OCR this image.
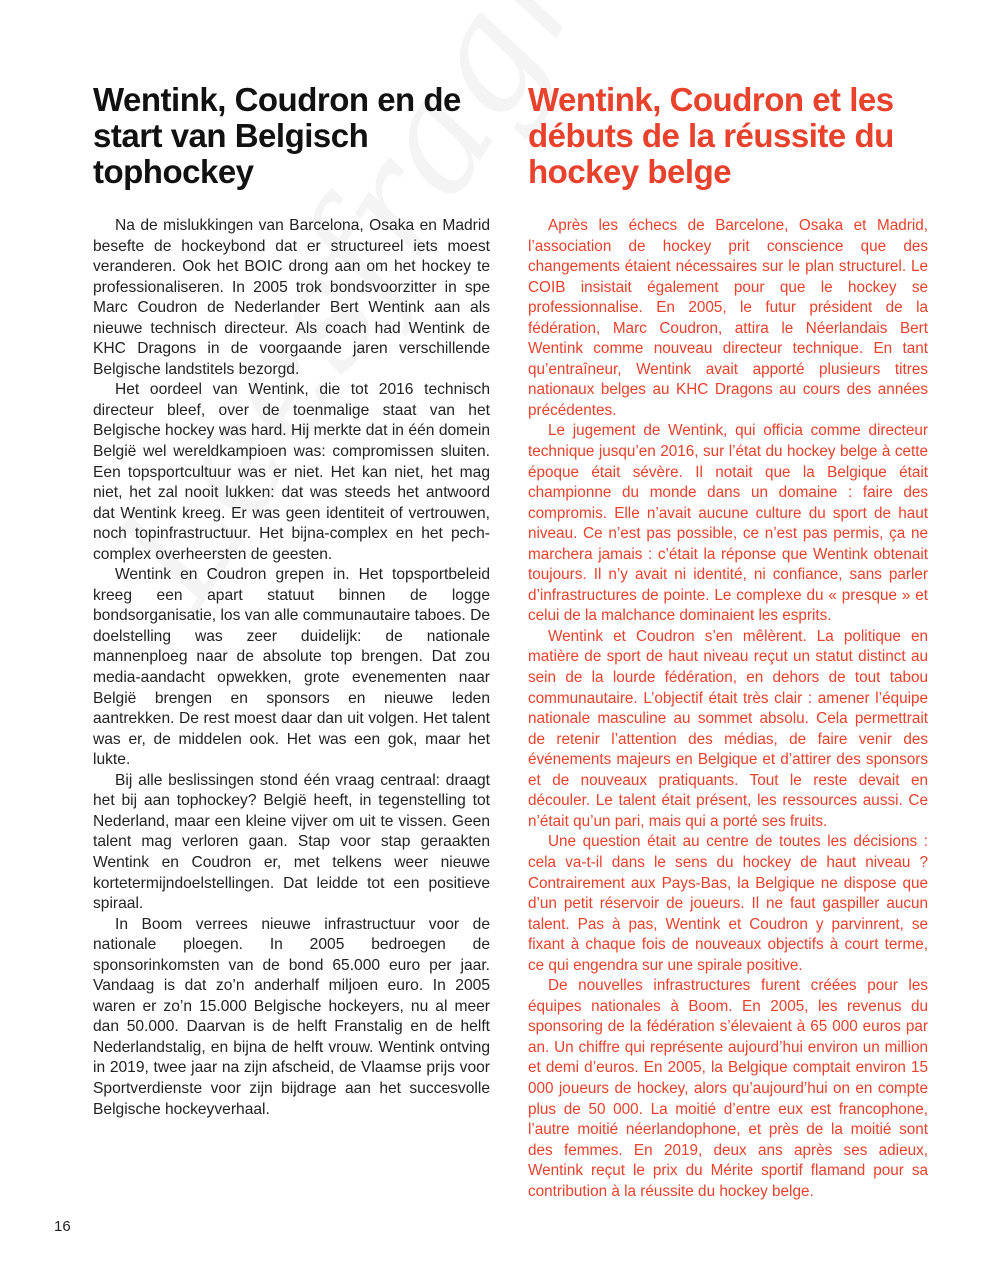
Wentink, Coudron en de start van Belgisch tophockey

Na de mislukkingen van Barcelona, Osaka en Madrid besefte de hockeybond dat er structureel iets moest veranderen. Ook het BOIC drong aan om het hockey te professionaliseren. In 2005 trok bondsvoorzitter in spe Marc Coudron de Nederlander Bert Wentink aan als nieuwe technisch directeur. Als coach had Wentink de KHC Dragons in de voorgaande jaren verschillende Belgische landstitels bezorgd.

Het oordeel van Wentink, die tot 2016 technisch directeur bleef, over de toenmalige staat van het Belgische hockey was hard. Hij merkte dat in één domein België wel wereldkampioen was: compromissen sluiten. Een topsportcultuur was er niet. Het kan niet, het mag niet, het zal nooit lukken: dat was steeds het antwoord dat Wentink kreeg. Er was geen identiteit of vertrouwen, noch topinfrastructuur. Het bijna-complex en het pech-complex overheersten de geesten.

Wentink en Coudron grepen in. Het topsportbeleid kreeg een apart statuut binnen de logge bondsorganisatie, los van alle communautaire taboes. De doelstelling was zeer duidelijk: de nationale mannenploeg naar de absolute top brengen. Dat zou media-aandacht opwekken, grote evenementen naar België brengen en sponsors en nieuwe leden aantrekken. De rest moest daar dan uit volgen. Het talent was er, de middelen ook. Het was een gok, maar het lukte.

Bij alle beslissingen stond één vraag centraal: draagt het bij aan tophockey? België heeft, in tegenstelling tot Nederland, maar een kleine vijver om uit te vissen. Geen talent mag verloren gaan. Stap voor stap geraakten Wentink en Coudron er, met telkens weer nieuwe kortetermijndoelstellingen. Dat leidde tot een positieve spiraal.

In Boom verrees nieuwe infrastructuur voor de nationale ploegen. In 2005 bedroegen de sponsorinkomsten van de bond 65.000 euro per jaar. Vandaag is dat zo’n anderhalf miljoen euro. In 2005 waren er zo’n 15.000 Belgische hockeyers, nu al meer dan 50.000. Daarvan is de helft Franstalig en de helft Nederlandstalig, en bijna de helft vrouw. Wentink ontving in 2019, twee jaar na zijn afscheid, de Vlaamse prijs voor Sportverdienste voor zijn bijdrage aan het succesvolle Belgische hockeyverhaal.

Wentink, Coudron et les débuts de la réussite du hockey belge

Après les échecs de Barcelone, Osaka et Madrid, l’association de hockey prit conscience que des changements étaient nécessaires sur le plan structurel. Le COIB insistait également pour que le hockey se professionnalise. En 2005, le futur président de la fédération, Marc Coudron, attira le Néerlandais Bert Wentink comme nouveau directeur technique. En tant qu’entraîneur, Wentink avait apporté plusieurs titres nationaux belges au KHC Dragons au cours des années précédentes.

Le jugement de Wentink, qui officia comme directeur technique jusqu’en 2016, sur l’état du hockey belge à cette époque était sévère. Il notait que la Belgique était championne du monde dans un domaine : faire des compromis. Elle n’avait aucune culture du sport de haut niveau. Ce n’est pas possible, ce n’est pas permis, ça ne marchera jamais : c’était la réponse que Wentink obtenait toujours. Il n’y avait ni identité, ni confiance, sans parler d’infrastructures de pointe. Le complexe du « presque » et celui de la malchance dominaient les esprits.

Wentink et Coudron s’en mêlèrent. La politique en matière de sport de haut niveau reçut un statut distinct au sein de la lourde fédération, en dehors de tout tabou communautaire. L’objectif était très clair : amener l’équipe nationale masculine au sommet absolu. Cela permettrait de retenir l’attention des médias, de faire venir des événements majeurs en Belgique et d’attirer des sponsors et de nouveaux pratiquants. Tout le reste devait en découler. Le talent était présent, les ressources aussi. Ce n’était qu’un pari, mais qui a porté ses fruits.

Une question était au centre de toutes les décisions : cela va-t-il dans le sens du hockey de haut niveau ? Contrairement aux Pays-Bas, la Belgique ne dispose que d’un petit réservoir de joueurs. Il ne faut gaspiller aucun talent. Pas à pas, Wentink et Coudron y parvinrent, se fixant à chaque fois de nouveaux objectifs à court terme, ce qui engendra sur une spirale positive.

De nouvelles infrastructures furent créées pour les équipes nationales à Boom. En 2005, les revenus du sponsoring de la fédération s’élevaient à 65 000 euros par an. Un chiffre qui représente aujourd’hui environ un million et demi d’euros. En 2005, la Belgique comptait environ 15 000 joueurs de hockey, alors qu’aujourd’hui on en compte plus de 50 000. La moitié d’entre eux est francophone, l’autre moitié néerlandophone, et près de la moitié sont des femmes. En 2019, deux ans après ses adieux, Wentink reçut le prix du Mérite sportif flamand pour sa contribution à la réussite du hockey belge.

16
